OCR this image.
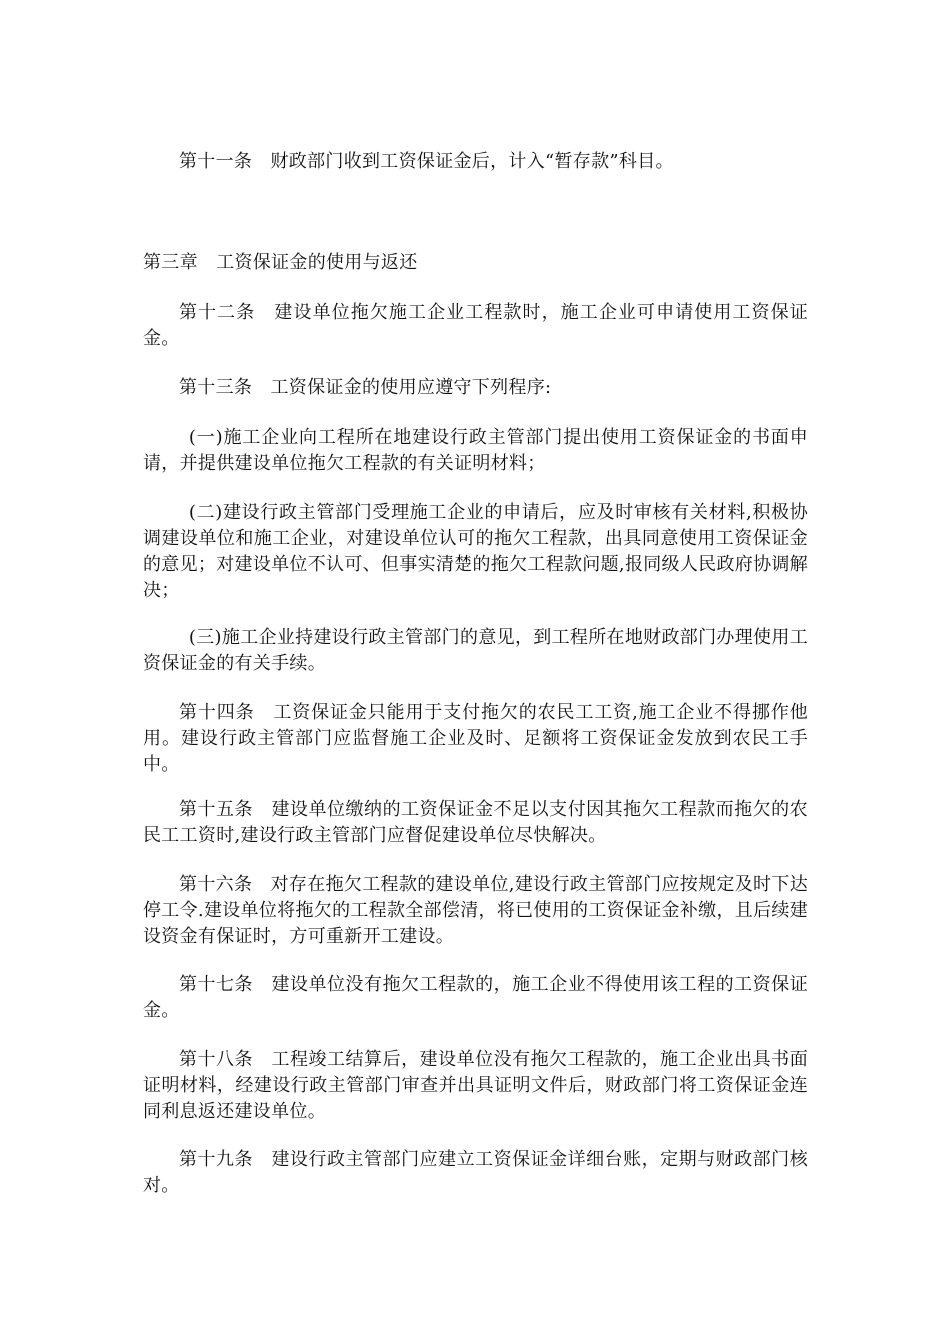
第十一条　财政部门收到工资保证金后，计入“暂存款”科目。

第三章　工资保证金的使用与返还

第十二条　建设单位拖欠施工企业工程款时，施工企业可申请使用工资保证金。

第十三条　工资保证金的使用应遵守下列程序:

(一)施工企业向工程所在地建设行政主管部门提出使用工资保证金的书面申请，并提供建设单位拖欠工程款的有关证明材料；

(二)建设行政主管部门受理施工企业的申请后，应及时审核有关材料,积极协调建设单位和施工企业，对建设单位认可的拖欠工程款，出具同意使用工资保证金的意见；对建设单位不认可、但事实清楚的拖欠工程款问题,报同级人民政府协调解决；

(三)施工企业持建设行政主管部门的意见，到工程所在地财政部门办理使用工资保证金的有关手续。

第十四条　工资保证金只能用于支付拖欠的农民工工资,施工企业不得挪作他用。建设行政主管部门应监督施工企业及时、足额将工资保证金发放到农民工手中。

第十五条　建设单位缴纳的工资保证金不足以支付因其拖欠工程款而拖欠的农民工工资时,建设行政主管部门应督促建设单位尽快解决。

第十六条　对存在拖欠工程款的建设单位,建设行政主管部门应按规定及时下达停工令.建设单位将拖欠的工程款全部偿清，将已使用的工资保证金补缴，且后续建设资金有保证时，方可重新开工建设。

第十七条　建设单位没有拖欠工程款的，施工企业不得使用该工程的工资保证金。

第十八条　工程竣工结算后，建设单位没有拖欠工程款的，施工企业出具书面证明材料，经建设行政主管部门审查并出具证明文件后，财政部门将工资保证金连同利息返还建设单位。

第十九条　建设行政主管部门应建立工资保证金详细台账，定期与财政部门核对。
